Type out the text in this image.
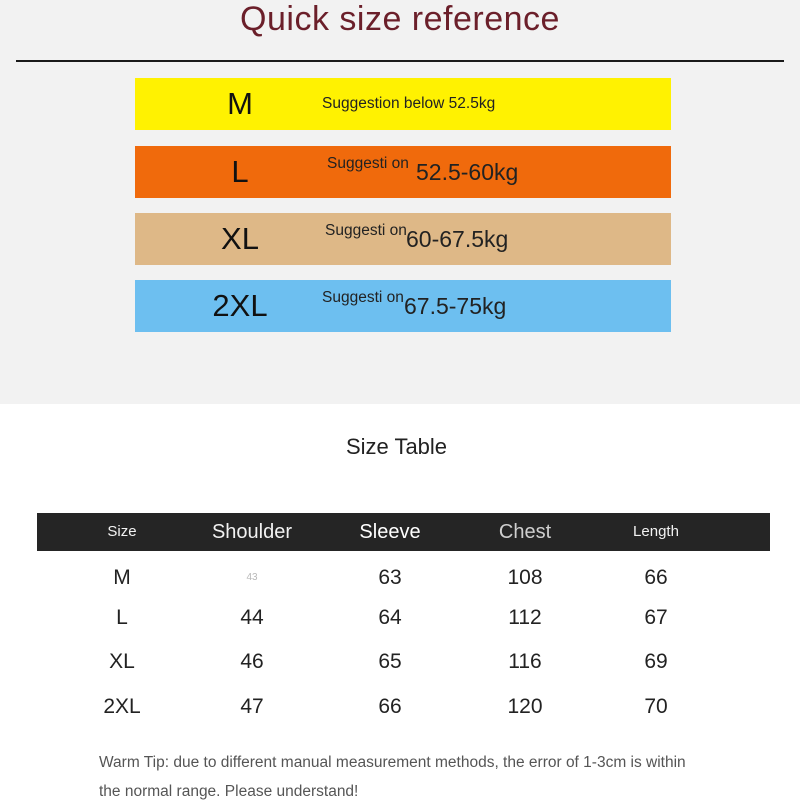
Quick size reference
M	Suggestion below 52.5kg
L	Suggesti on 52.5-60kg
XL	Suggesti on 60-67.5kg
2XL	Suggesti on 67.5-75kg
Size Table
Size	Shoulder	Sleeve	Chest	Length
M	43	63	108	66
L	44	64	112	67
XL	46	65	116	69
2XL	47	66	120	70
Warm Tip: due to different manual measurement methods, the error of 1-3cm is within the normal range. Please understand!
